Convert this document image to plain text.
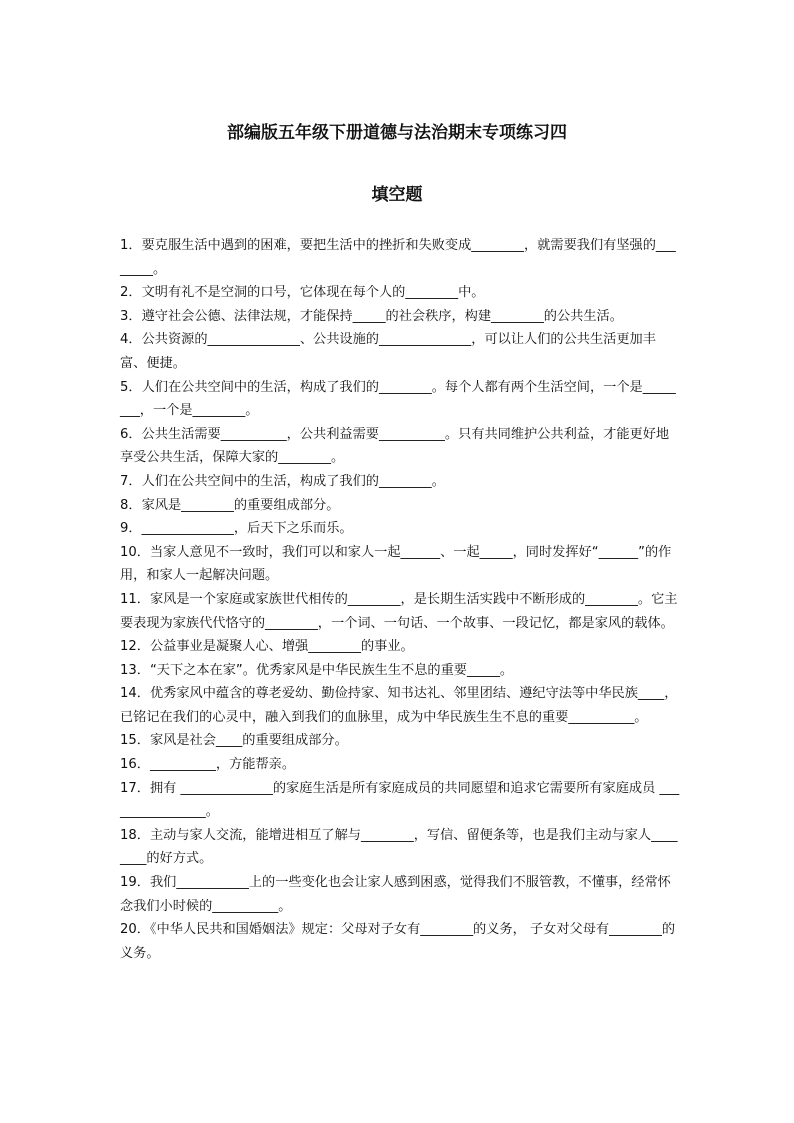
部编版五年级下册道德与法治期末专项练习四
填空题

1．要克服生活中遇到的困难，要把生活中的挫折和失败变成________，就需要我们有坚强的________。

2．文明有礼不是空洞的口号，它体现在每个人的________中。

3．遵守社会公德、法律法规，才能保持_____的社会秩序，构建________的公共生活。

4．公共资源的______________、公共设施的______________，可以让人们的公共生活更加丰富、便捷。

5．人们在公共空间中的生活，构成了我们的________。每个人都有两个生活空间，一个是________，一个是________。

6．公共生活需要__________，公共利益需要__________。只有共同维护公共利益，才能更好地享受公共生活，保障大家的________。

7．人们在公共空间中的生活，构成了我们的________。

8．家风是________的重要组成部分。

9．______________，后天下之乐而乐。

10．当家人意见不一致时，我们可以和家人一起______、一起_____，同时发挥好“______”的作用，和家人一起解决问题。

11．家风是一个家庭或家族世代相传的________，是长期生活实践中不断形成的________。它主要表现为家族代代恪守的________，一个词、一句话、一个故事、一段记忆，都是家风的载体。

12．公益事业是凝聚人心、增强________的事业。

13．“天下之本在家”。优秀家风是中华民族生生不息的重要_____。

14．优秀家风中蕴含的尊老爱幼、勤俭持家、知书达礼、邻里团结、遵纪守法等中华民族____，已铭记在我们的心灵中，融入到我们的血脉里，成为中华民族生生不息的重要__________。

15．家风是社会____的重要组成部分。

16．__________，方能帮亲。

17．拥有 ______________的家庭生活是所有家庭成员的共同愿望和追求它需要所有家庭成员 ________________。

18．主动与家人交流，能增进相互了解与________，写信、留便条等，也是我们主动与家人________的好方式。

19．我们___________上的一些变化也会让家人感到困惑，觉得我们不服管教，不懂事，经常怀念我们小时候的__________。

20．《中华人民共和国婚姻法》规定：父母对子女有________的义务， 子女对父母有________的义务。
